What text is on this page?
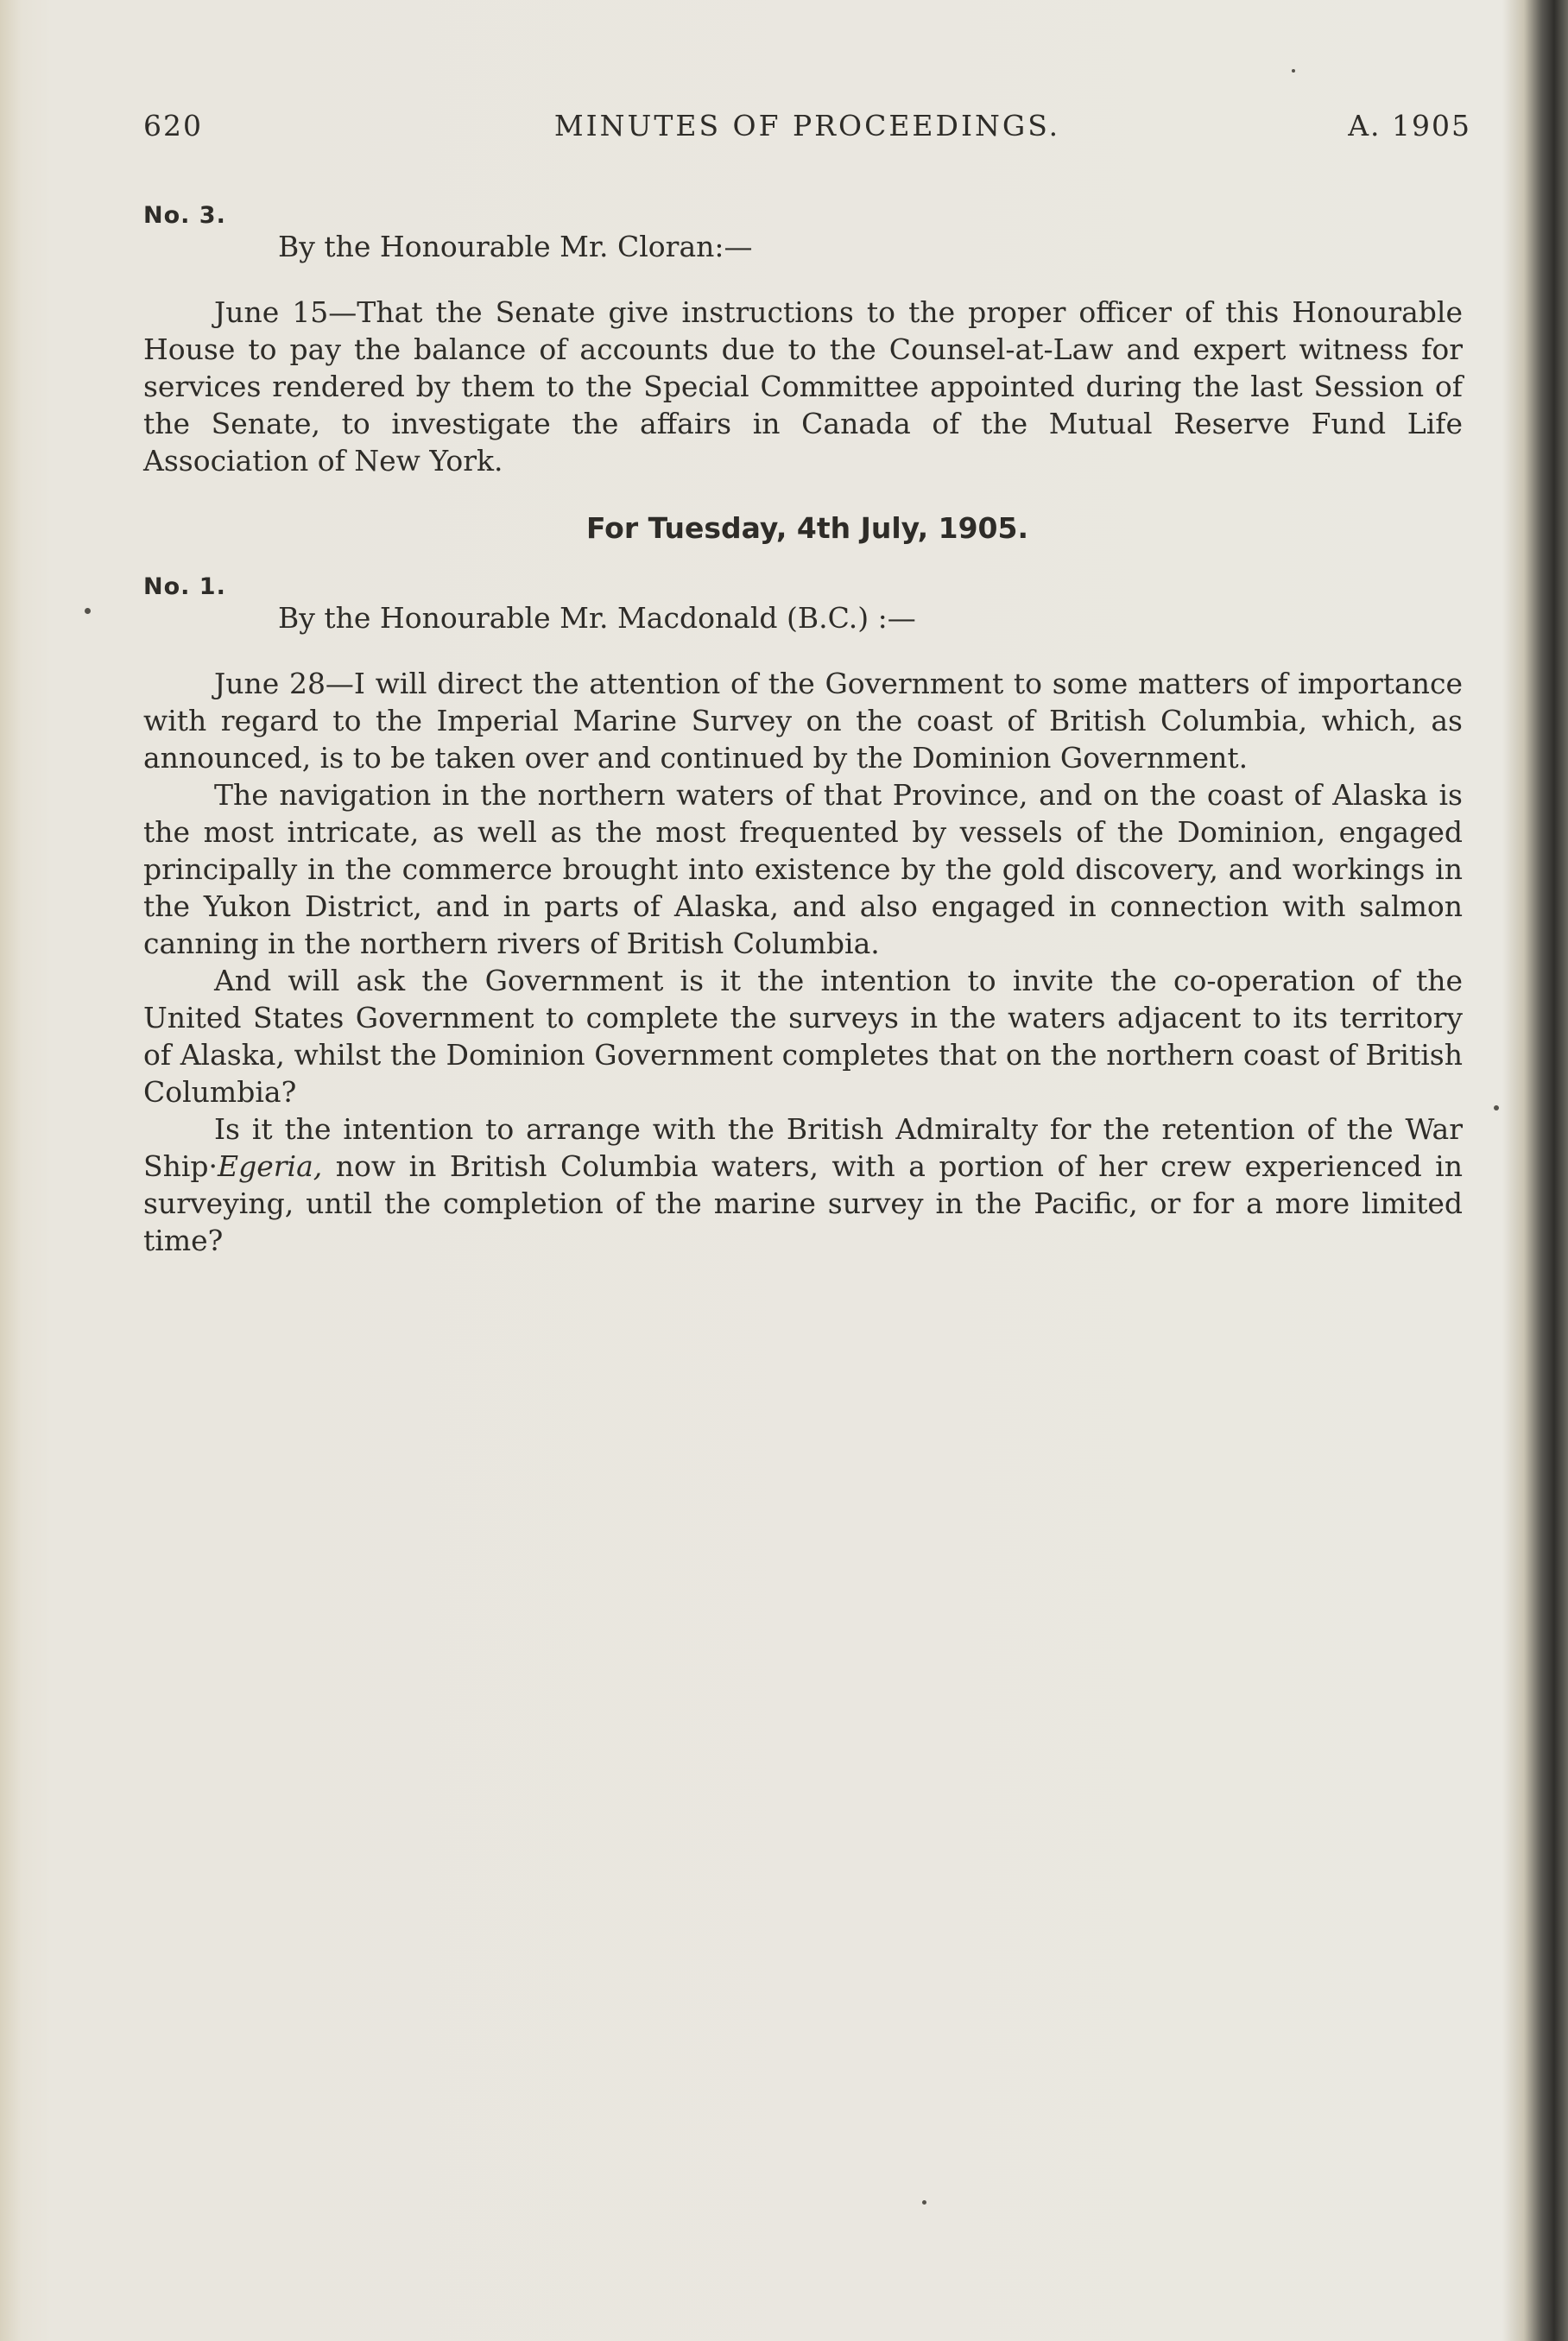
620	MINUTES OF PROCEEDINGS.	A. 1905
No. 3.
By the Honourable Mr. Cloran:—

June 15—That the Senate give instructions to the proper officer of this Honourable House to pay the balance of accounts due to the Counsel-at-Law and expert witness for services rendered by them to the Special Committee appointed during the last Session of the Senate, to investigate the affairs in Canada of the Mutual Reserve Fund Life Association of New York.

For Tuesday, 4th July, 1905.
No. 1.
By the Honourable Mr. Macdonald (B.C.) :—

June 28—I will direct the attention of the Government to some matters of importance with regard to the Imperial Marine Survey on the coast of British Columbia, which, as announced, is to be taken over and continued by the Dominion Government.

The navigation in the northern waters of that Province, and on the coast of Alaska is the most intricate, as well as the most frequented by vessels of the Dominion, engaged principally in the commerce brought into existence by the gold discovery, and workings in the Yukon District, and in parts of Alaska, and also engaged in connection with salmon canning in the northern rivers of British Columbia.

And will ask the Government is it the intention to invite the co-operation of the United States Government to complete the surveys in the waters adjacent to its territory of Alaska, whilst the Dominion Government completes that on the northern coast of British Columbia?

Is it the intention to arrange with the British Admiralty for the retention of the War Ship·Egeria, now in British Columbia waters, with a portion of her crew experienced in surveying, until the completion of the marine survey in the Pacific, or for a more limited time?
